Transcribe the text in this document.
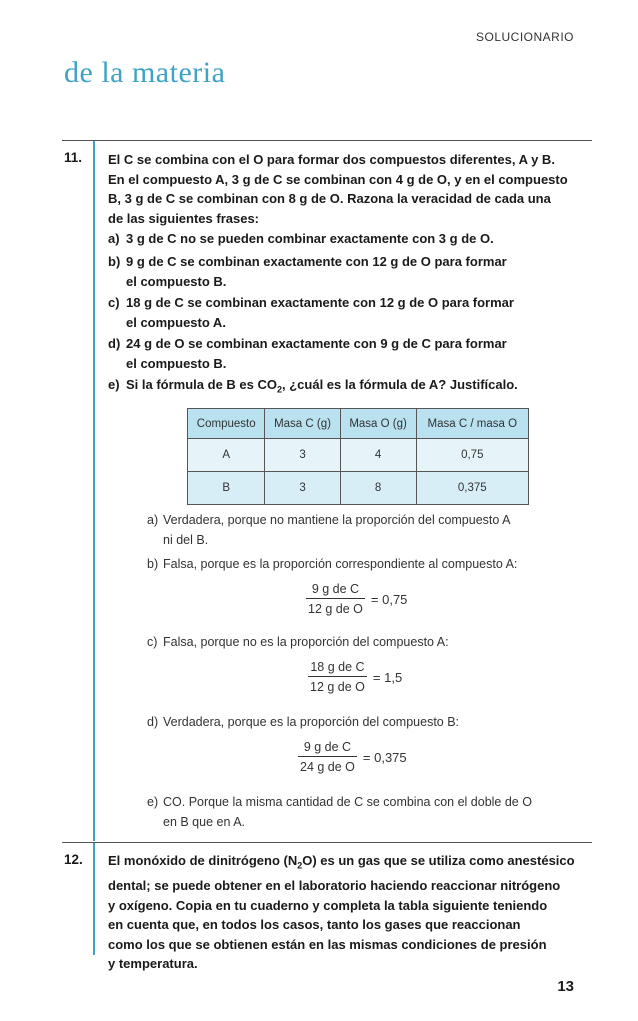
SOLUCIONARIO
de la materia
11. El C se combina con el O para formar dos compuestos diferentes, A y B.
En el compuesto A, 3 g de C se combinan con 4 g de O, y en el compuesto
B, 3 g de C se combinan con 8 g de O. Razona la veracidad de cada una
de las siguientes frases:
a) 3 g de C no se pueden combinar exactamente con 3 g de O.
b) 9 g de C se combinan exactamente con 12 g de O para formar
el compuesto B.
c) 18 g de C se combinan exactamente con 12 g de O para formar
el compuesto A.
d) 24 g de O se combinan exactamente con 9 g de C para formar
el compuesto B.
e) Si la fórmula de B es $CO_2$, ¿cuál es la fórmula de A? Justifícalo.
Compuesto	Masa C (g)	Masa O (g)	Masa C / masa O
A	3	4	0,75
B	3	8	0,375
a) Verdadera, porque no mantiene la proporción del compuesto A
ni del B.
b) Falsa, porque es la proporción correspondiente al compuesto A:
$\frac{\text{9 g de C}}{\text{12 g de O}} = 0,75$
c) Falsa, porque no es la proporción del compuesto A:
$\frac{\text{18 g de C}}{\text{12 g de O}} = 1,5$
d) Verdadera, porque es la proporción del compuesto B:
$\frac{\text{9 g de C}}{\text{24 g de O}} = 0,375$
e) CO. Porque la misma cantidad de C se combina con el doble de O
en B que en A.
12. El monóxido de dinitrógeno $(N_2O)$ es un gas que se utiliza como anestésico
dental; se puede obtener en el laboratorio haciendo reaccionar nitrógeno
y oxígeno. Copia en tu cuaderno y completa la tabla siguiente teniendo
en cuenta que, en todos los casos, tanto los gases que reaccionan
como los que se obtienen están en las mismas condiciones de presión
y temperatura.
13
